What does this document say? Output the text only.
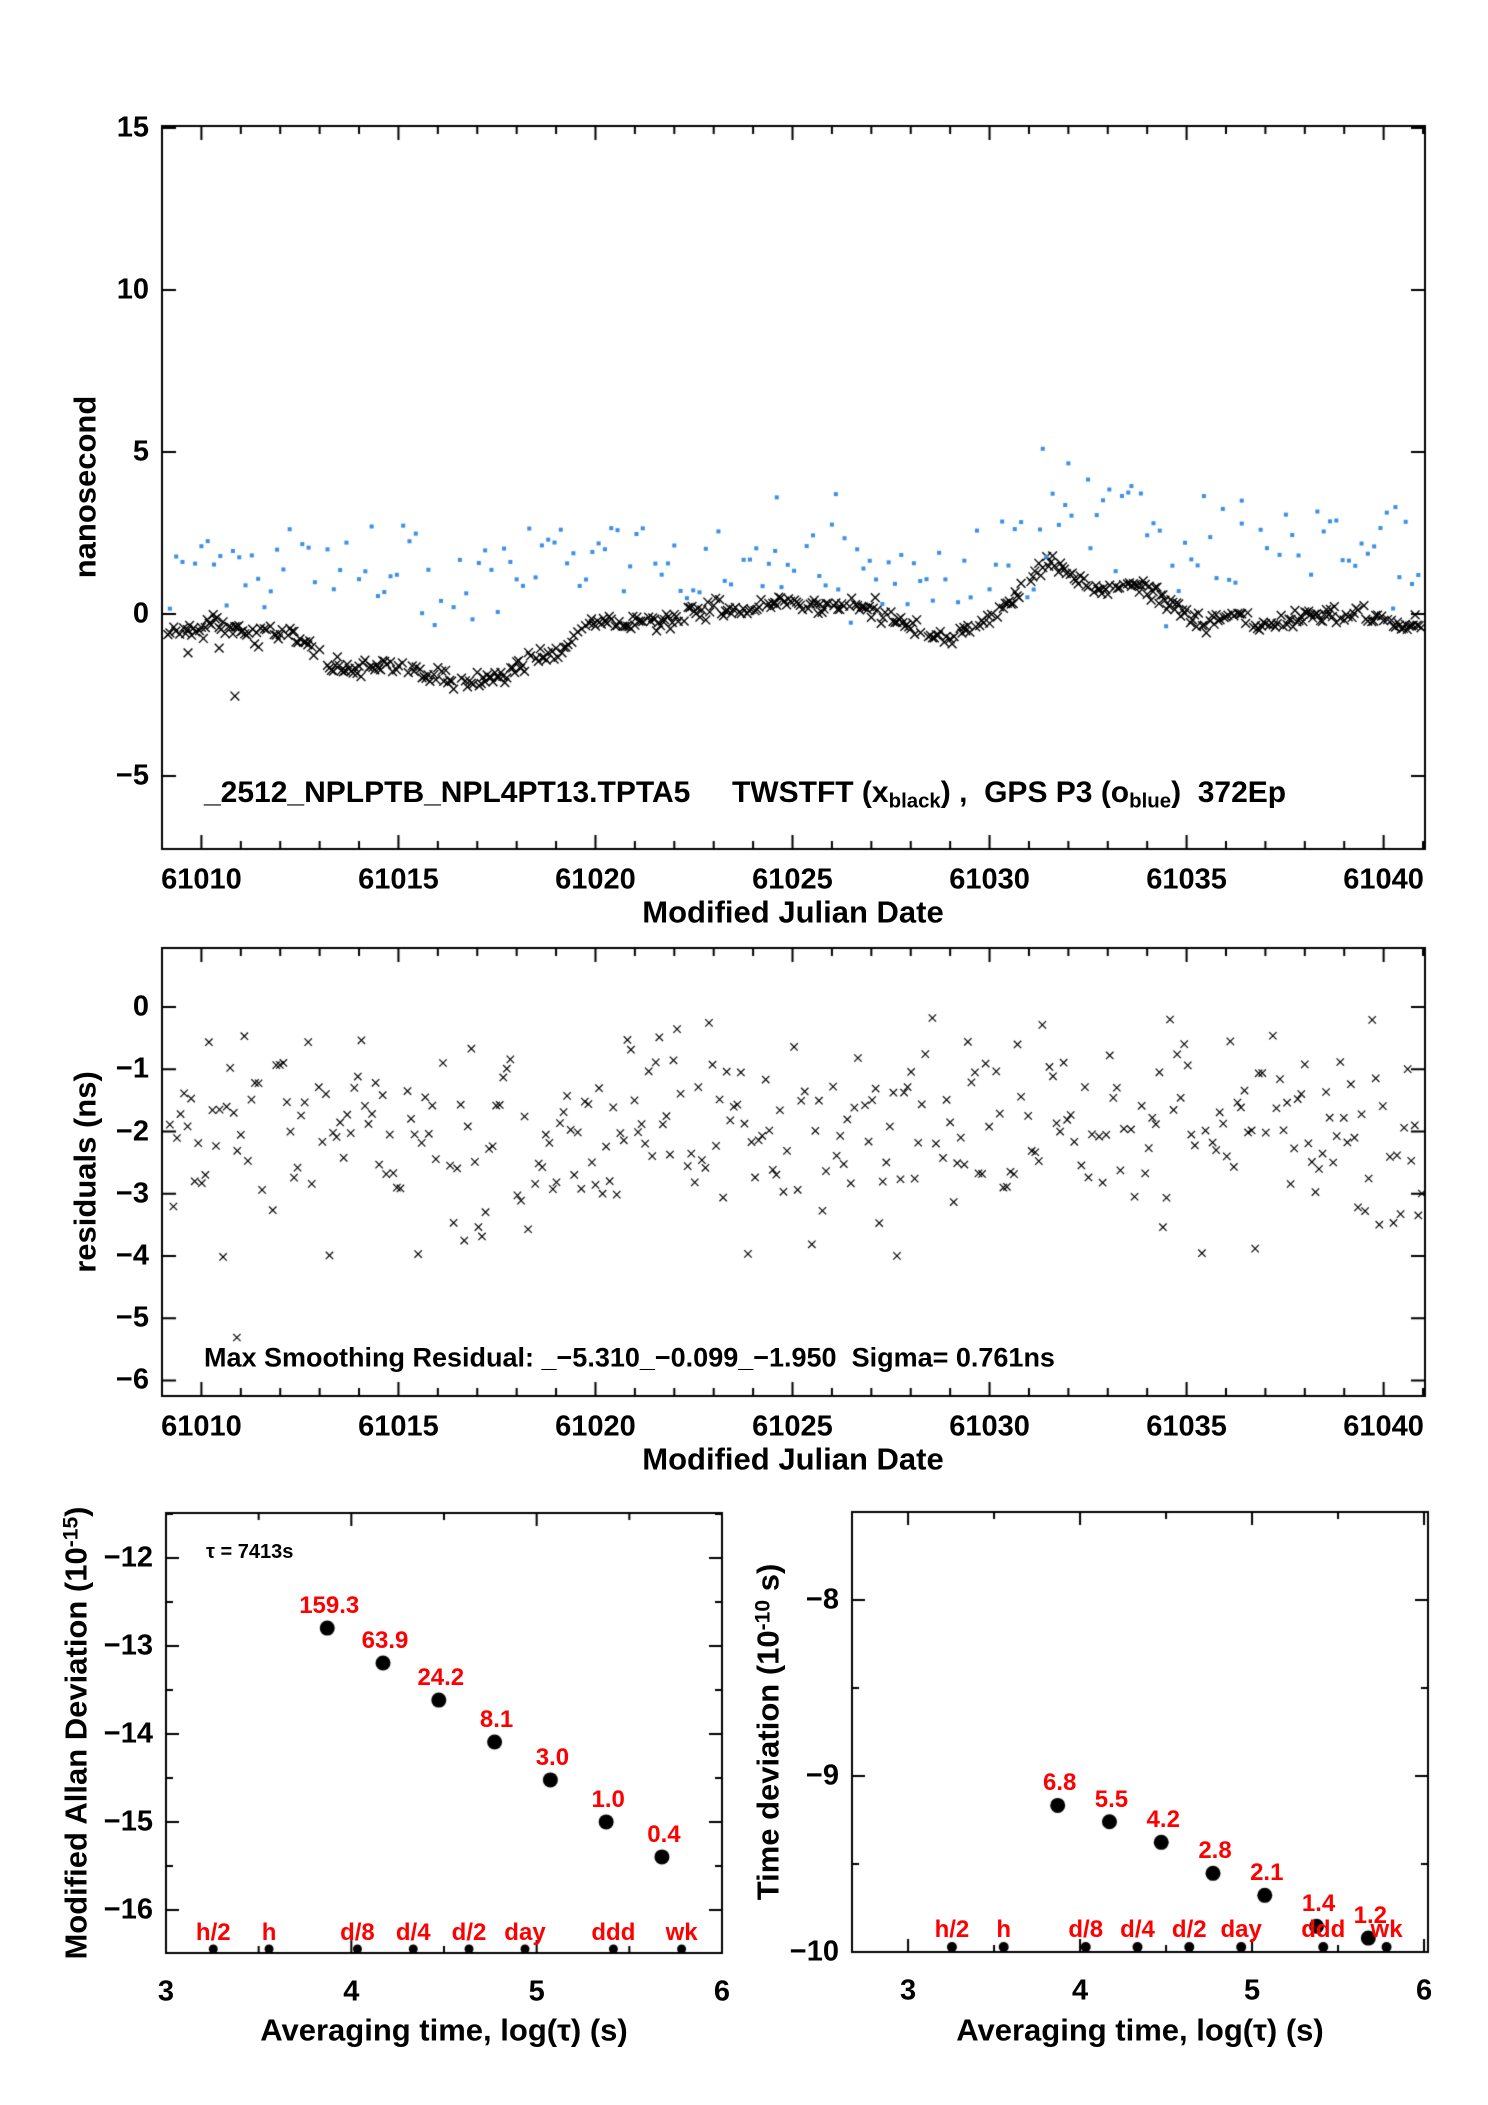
nanosecond
Modified Julian Date
_2512_NPLPTB_NPL4PT13.TPTA5     TWSTFT $(x_{black})$ ,  GPS P3 $(o_{blue})$  372Ep
residuals (ns)
Modified Julian Date
Max Smoothing Residual: _−5.310_−0.099_−1.950  Sigma= 0.761ns
Modified Allan Deviation $(10^{-15})$
Averaging time, log(τ) (s)
τ = 7413s
Time deviation ($10^{-10}$ s)
Averaging time, log(τ) (s)
61010	61015	61020	61025	61030	61035	61040
15
10
5
0
−5
61010	61015	61020	61025	61030	61035	61040
0
−1
−2
−3
−4
−5
−6
3	4	5	6
−12
−13
−14
−15
−16
h/2 h	d/8 d/4 d/2 day ddd wk
159.3
63.9
24.2
8.1
3.0
1.0
0.4
3	4	5	6
−8
−9
−10
h/2 h d/8 d/4 d/2 day ddd wk
6.8
5.5
4.2
2.8
2.1
1.4 1.2
